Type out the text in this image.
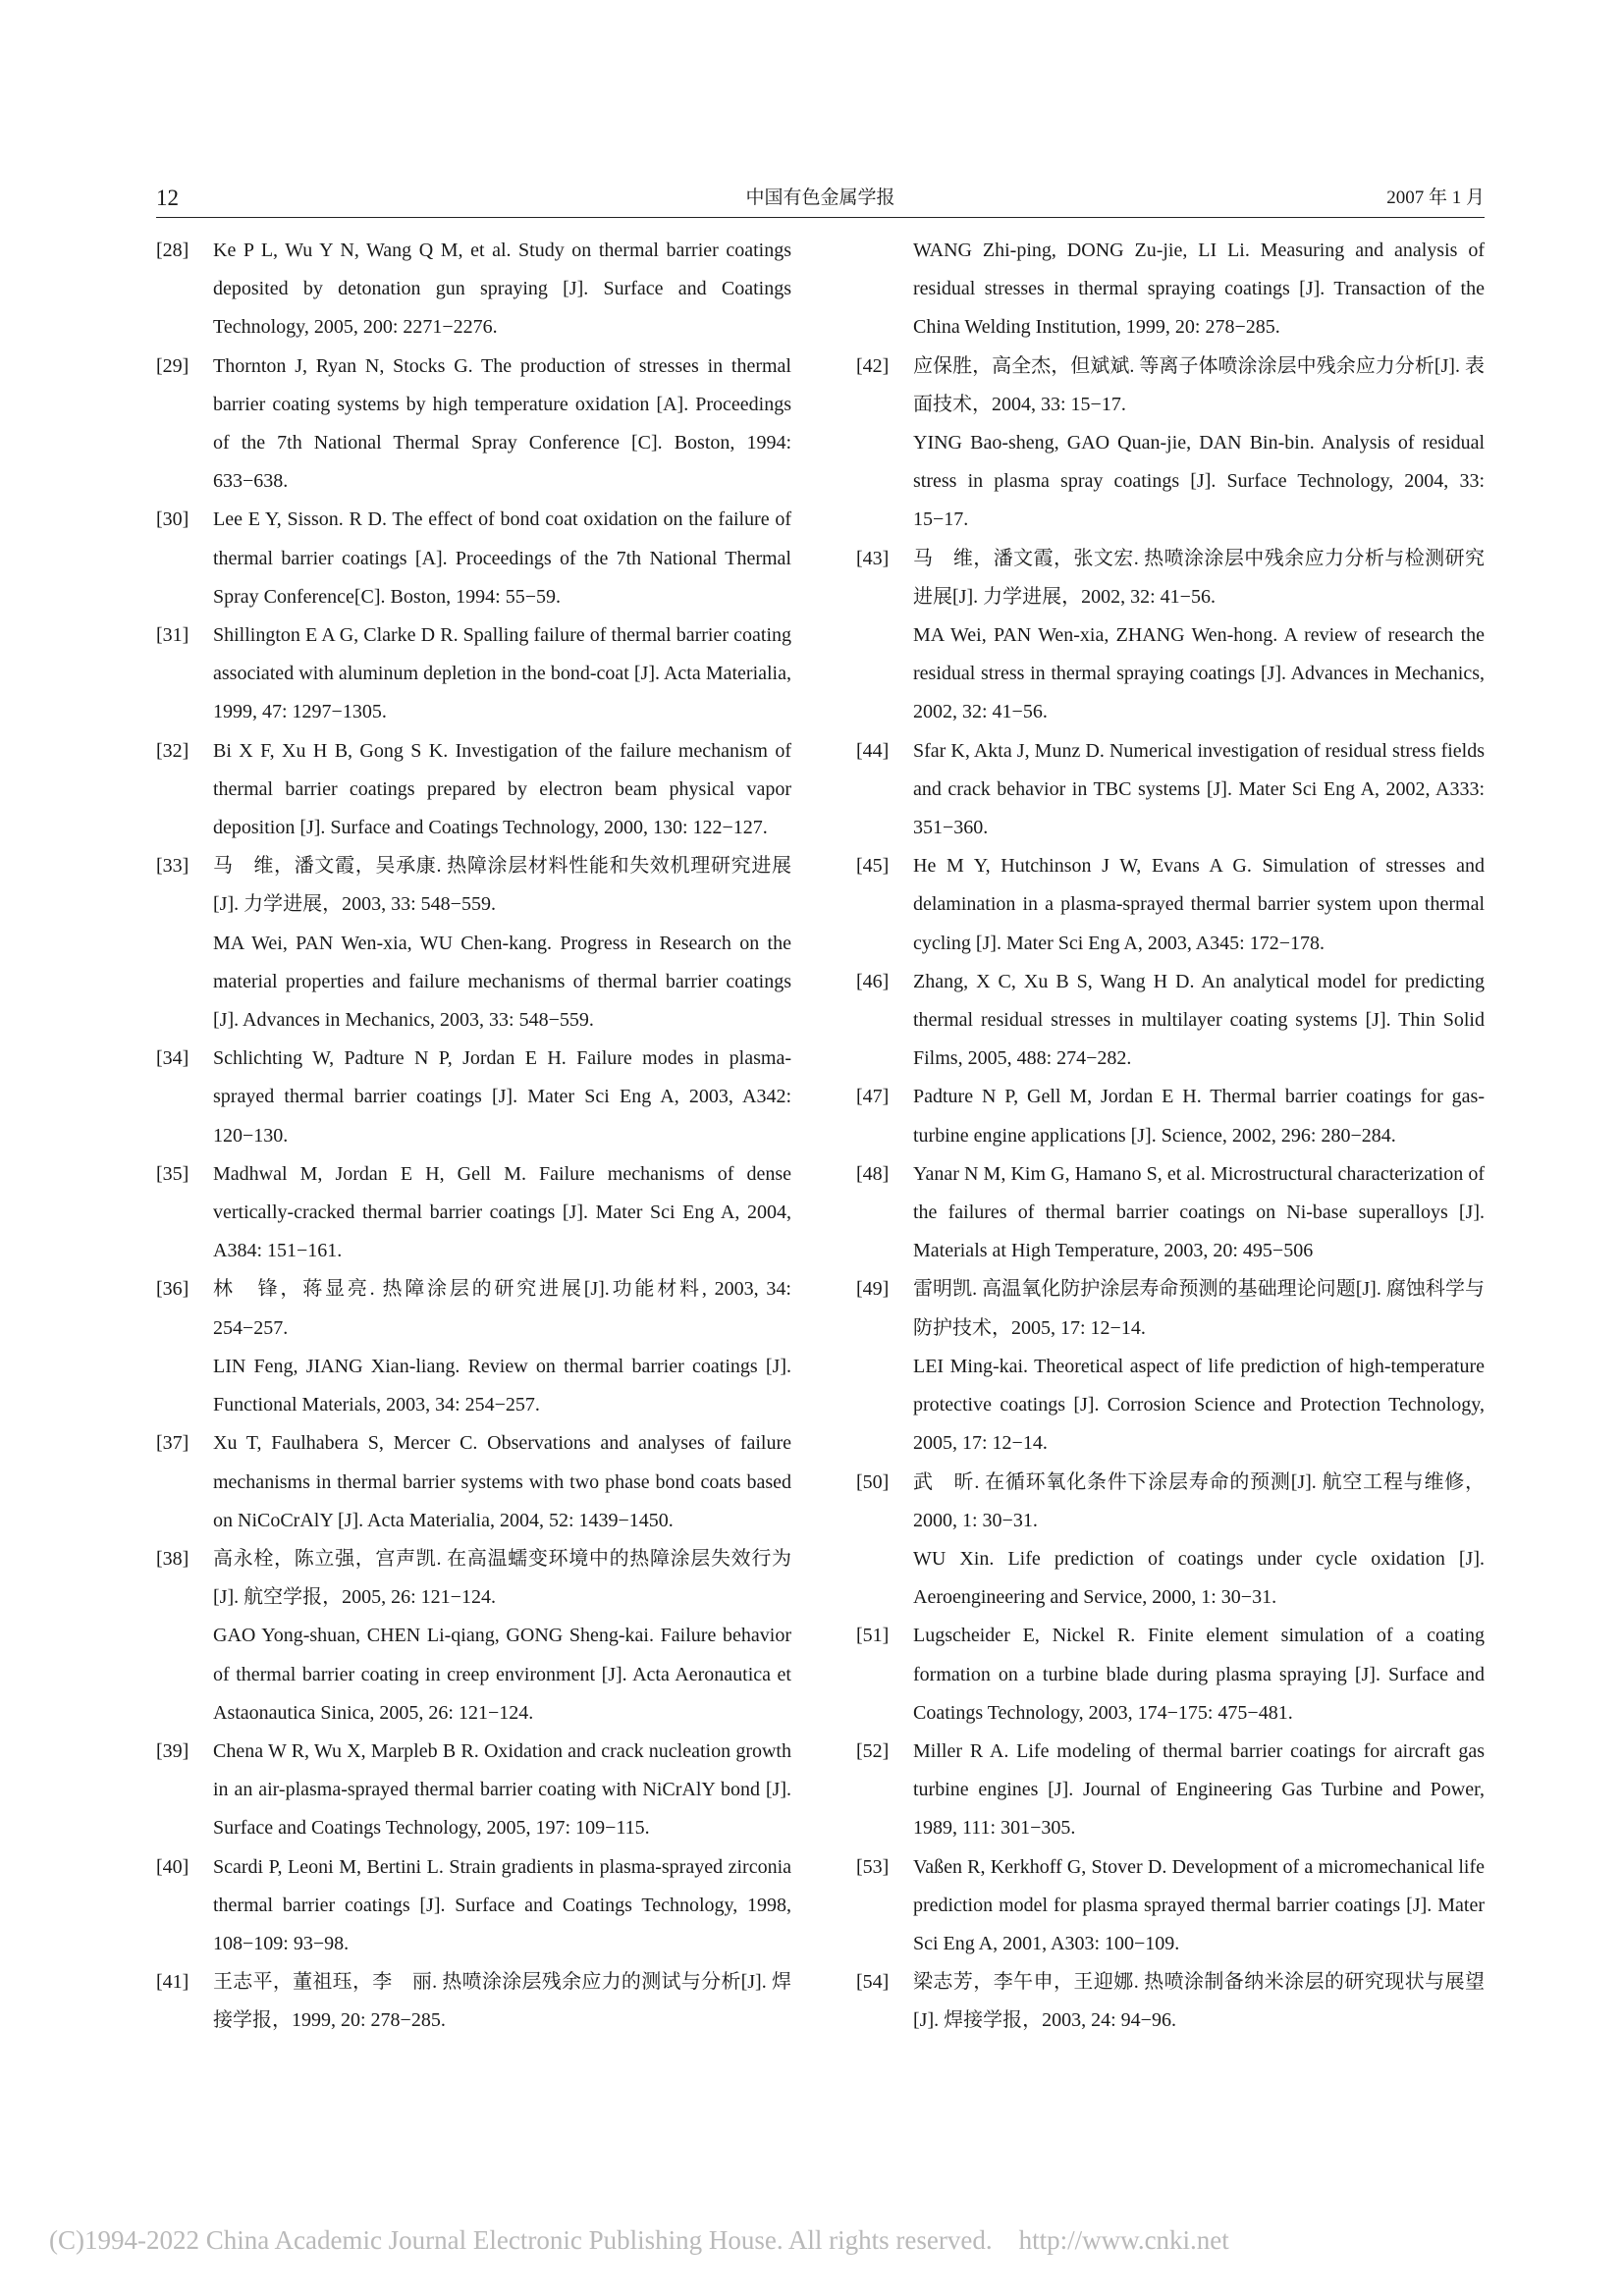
12	中国有色金属学报	2007 年 1 月
[28]	Ke P L, Wu Y N, Wang Q M, et al. Study on thermal barrier coatings deposited by detonation gun spraying [J]. Surface and Coatings Technology, 2005, 200: 2271−2276.

[29]	Thornton J, Ryan N, Stocks G. The production of stresses in thermal barrier coating systems by high temperature oxidation [A]. Proceedings of the 7th National Thermal Spray Conference [C]. Boston, 1994: 633−638.

[30]	Lee E Y, Sisson. R D. The effect of bond coat oxidation on the failure of thermal barrier coatings [A]. Proceedings of the 7th National Thermal Spray Conference[C]. Boston, 1994: 55−59.

[31]	Shillington E A G, Clarke D R. Spalling failure of thermal barrier coating associated with aluminum depletion in the bond-coat [J]. Acta Materialia, 1999, 47: 1297−1305.

[32]	Bi X F, Xu H B, Gong S K. Investigation of the failure mechanism of thermal barrier coatings prepared by electron beam physical vapor deposition [J]. Surface and Coatings Technology, 2000, 130: 122−127.

[33]	马　维，潘文霞，吴承康. 热障涂层材料性能和失效机理研究进展[J]. 力学进展，2003, 33: 548−559.

MA Wei, PAN Wen-xia, WU Chen-kang. Progress in Research on the material properties and failure mechanisms of thermal barrier coatings [J]. Advances in Mechanics, 2003, 33: 548−559.

[34]	Schlichting W, Padture N P, Jordan E H. Failure modes in plasma-sprayed thermal barrier coatings [J]. Mater Sci Eng A, 2003, A342: 120−130.

[35]	Madhwal M, Jordan E H, Gell M. Failure mechanisms of dense vertically-cracked thermal barrier coatings [J]. Mater Sci Eng A, 2004, A384: 151−161.

[36]	林　锋，蒋显亮. 热障涂层的研究进展[J].功能材料, 2003, 34: 254−257.

LIN Feng, JIANG Xian-liang. Review on thermal barrier coatings [J]. Functional Materials, 2003, 34: 254−257.

[37]	Xu T, Faulhabera S, Mercer C. Observations and analyses of failure mechanisms in thermal barrier systems with two phase bond coats based on NiCoCrAlY [J]. Acta Materialia, 2004, 52: 1439−1450.

[38]	高永栓，陈立强，宫声凯. 在高温蠕变环境中的热障涂层失效行为[J]. 航空学报，2005, 26: 121−124.

GAO Yong-shuan, CHEN Li-qiang, GONG Sheng-kai. Failure behavior of thermal barrier coating in creep environment [J]. Acta Aeronautica et Astaonautica Sinica, 2005, 26: 121−124.

[39]	Chena W R, Wu X, Marpleb B R. Oxidation and crack nucleation growth in an air-plasma-sprayed thermal barrier coating with NiCrAlY bond [J]. Surface and Coatings Technology, 2005, 197: 109−115.

[40]	Scardi P, Leoni M, Bertini L. Strain gradients in plasma-sprayed zirconia thermal barrier coatings [J]. Surface and Coatings Technology, 1998, 108−109: 93−98.

[41]	王志平，董祖珏，李　丽. 热喷涂涂层残余应力的测试与分析[J]. 焊接学报，1999, 20: 278−285.

WANG Zhi-ping, DONG Zu-jie, LI Li. Measuring and analysis of residual stresses in thermal spraying coatings [J]. Transaction of the China Welding Institution, 1999, 20: 278−285.

[42]	应保胜，高全杰，但斌斌. 等离子体喷涂涂层中残余应力分析[J]. 表面技术，2004, 33: 15−17.

YING Bao-sheng, GAO Quan-jie, DAN Bin-bin. Analysis of residual stress in plasma spray coatings [J]. Surface Technology, 2004, 33: 15−17.

[43]	马　维，潘文霞，张文宏. 热喷涂涂层中残余应力分析与检测研究进展[J]. 力学进展，2002, 32: 41−56.

MA Wei, PAN Wen-xia, ZHANG Wen-hong. A review of research the residual stress in thermal spraying coatings [J]. Advances in Mechanics, 2002, 32: 41−56.

[44]	Sfar K, Akta J, Munz D. Numerical investigation of residual stress fields and crack behavior in TBC systems [J]. Mater Sci Eng A, 2002, A333: 351−360.

[45]	He M Y, Hutchinson J W, Evans A G. Simulation of stresses and delamination in a plasma-sprayed thermal barrier system upon thermal cycling [J]. Mater Sci Eng A, 2003, A345: 172−178.

[46]	Zhang, X C, Xu B S, Wang H D. An analytical model for predicting thermal residual stresses in multilayer coating systems [J]. Thin Solid Films, 2005, 488: 274−282.

[47]	Padture N P, Gell M, Jordan E H. Thermal barrier coatings for gas-turbine engine applications [J]. Science, 2002, 296: 280−284.

[48]	Yanar N M, Kim G, Hamano S, et al. Microstructural characterization of the failures of thermal barrier coatings on Ni-base superalloys [J]. Materials at High Temperature, 2003, 20: 495−506

[49]	雷明凯. 高温氧化防护涂层寿命预测的基础理论问题[J]. 腐蚀科学与防护技术，2005, 17: 12−14.

LEI Ming-kai. Theoretical aspect of life prediction of high-temperature protective coatings [J]. Corrosion Science and Protection Technology, 2005, 17: 12−14.

[50]	武　昕. 在循环氧化条件下涂层寿命的预测[J]. 航空工程与维修，2000, 1: 30−31.

WU Xin. Life prediction of coatings under cycle oxidation [J]. Aeroengineering and Service, 2000, 1: 30−31.

[51]	Lugscheider E, Nickel R. Finite element simulation of a coating formation on a turbine blade during plasma spraying [J]. Surface and Coatings Technology, 2003, 174−175: 475−481.

[52]	Miller R A. Life modeling of thermal barrier coatings for aircraft gas turbine engines [J]. Journal of Engineering Gas Turbine and Power, 1989, 111: 301−305.

[53]	Vaßen R, Kerkhoff G, Stover D. Development of a micromechanical life prediction model for plasma sprayed thermal barrier coatings [J]. Mater Sci Eng A, 2001, A303: 100−109.

[54]	梁志芳，李午申，王迎娜. 热喷涂制备纳米涂层的研究现状与展望[J]. 焊接学报，2003, 24: 94−96.

(C)1994-2022 China Academic Journal Electronic Publishing House. All rights reserved.    http://www.cnki.net
